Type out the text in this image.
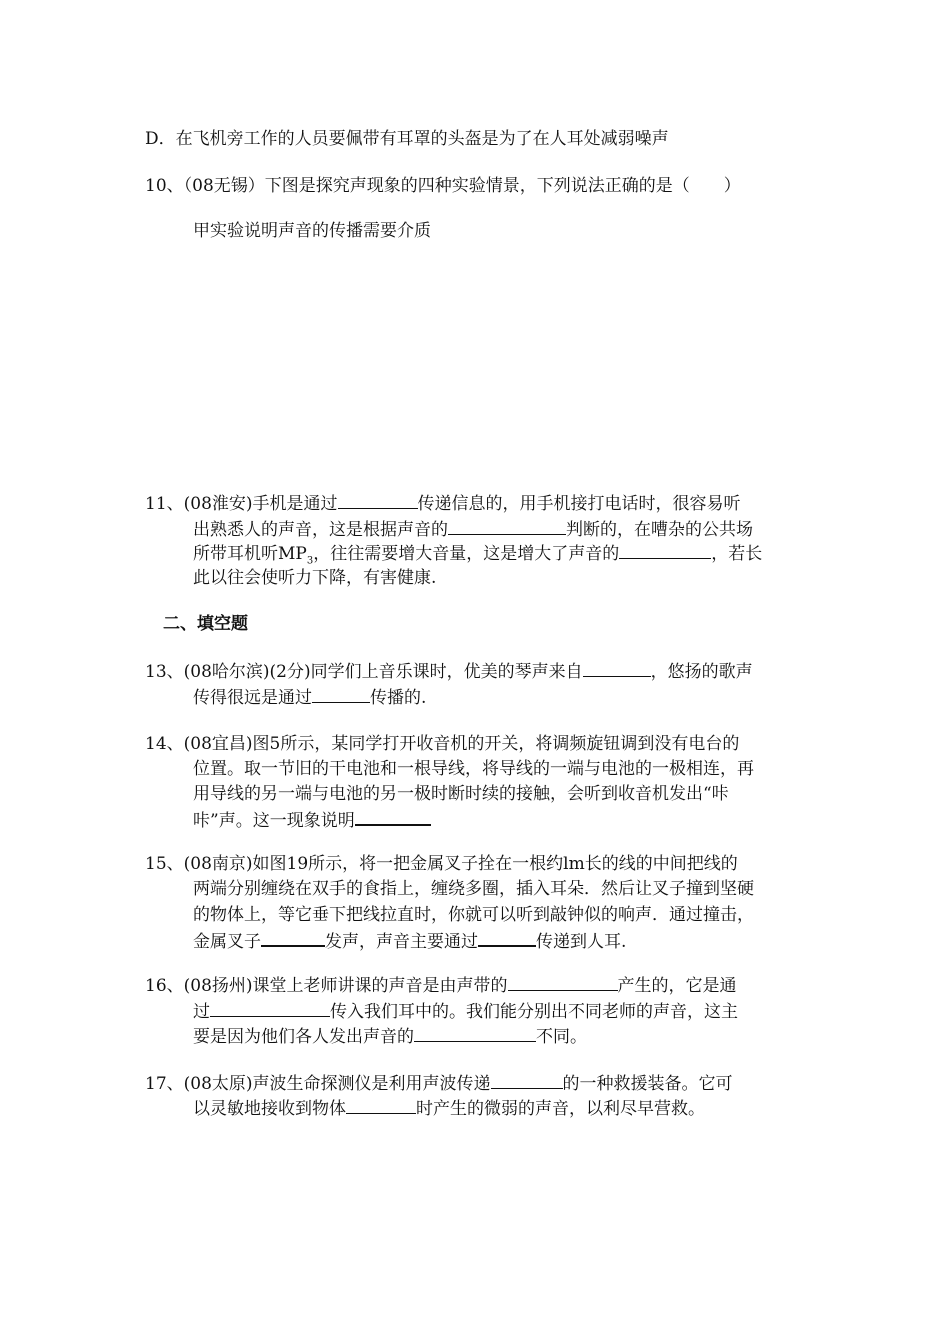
D．在飞机旁工作的人员要佩带有耳罩的头盔是为了在人耳处减弱噪声
10、（08无锡）下图是探究声现象的四种实验情景，下列说法正确的是（　　）
甲实验说明声音的传播需要介质
11、(08淮安)手机是通过	传递信息的，用手机接打电话时，很容易听
出熟悉人的声音，这是根据声音的	判断的，在嘈杂的公共场
所带耳机听$MP_3$，往往需要增大音量，这是增大了声音的	，若长
此以往会使听力下降，有害健康.
二、填空题
13、(08哈尔滨)(2分)同学们上音乐课时，优美的琴声来自	，悠扬的歌声
传得很远是通过	传播的.
14、(08宜昌)图5所示，某同学打开收音机的开关，将调频旋钮调到没有电台的
位置。取一节旧的干电池和一根导线，将导线的一端与电池的一极相连，再
用导线的另一端与电池的另一极时断时续的接触，会听到收音机发出“咔
咔”声。这一现象说明
15、(08南京)如图19所示，将一把金属叉子拴在一根约lm长的线的中间把线的
两端分别缠绕在双手的食指上，缠绕多圈，插入耳朵．然后让叉子撞到坚硬
的物体上，等它垂下把线拉直时，你就可以听到敲钟似的响声．通过撞击，
金属叉子	发声，声音主要通过	传递到人耳.
16、(08扬州)课堂上老师讲课的声音是由声带的	产生的，它是通
过	传入我们耳中的。我们能分别出不同老师的声音，这主
要是因为他们各人发出声音的	不同。
17、(08太原)声波生命探测仪是利用声波传递	的一种救援装备。它可
以灵敏地接收到物体	时产生的微弱的声音，以利尽早营救。
